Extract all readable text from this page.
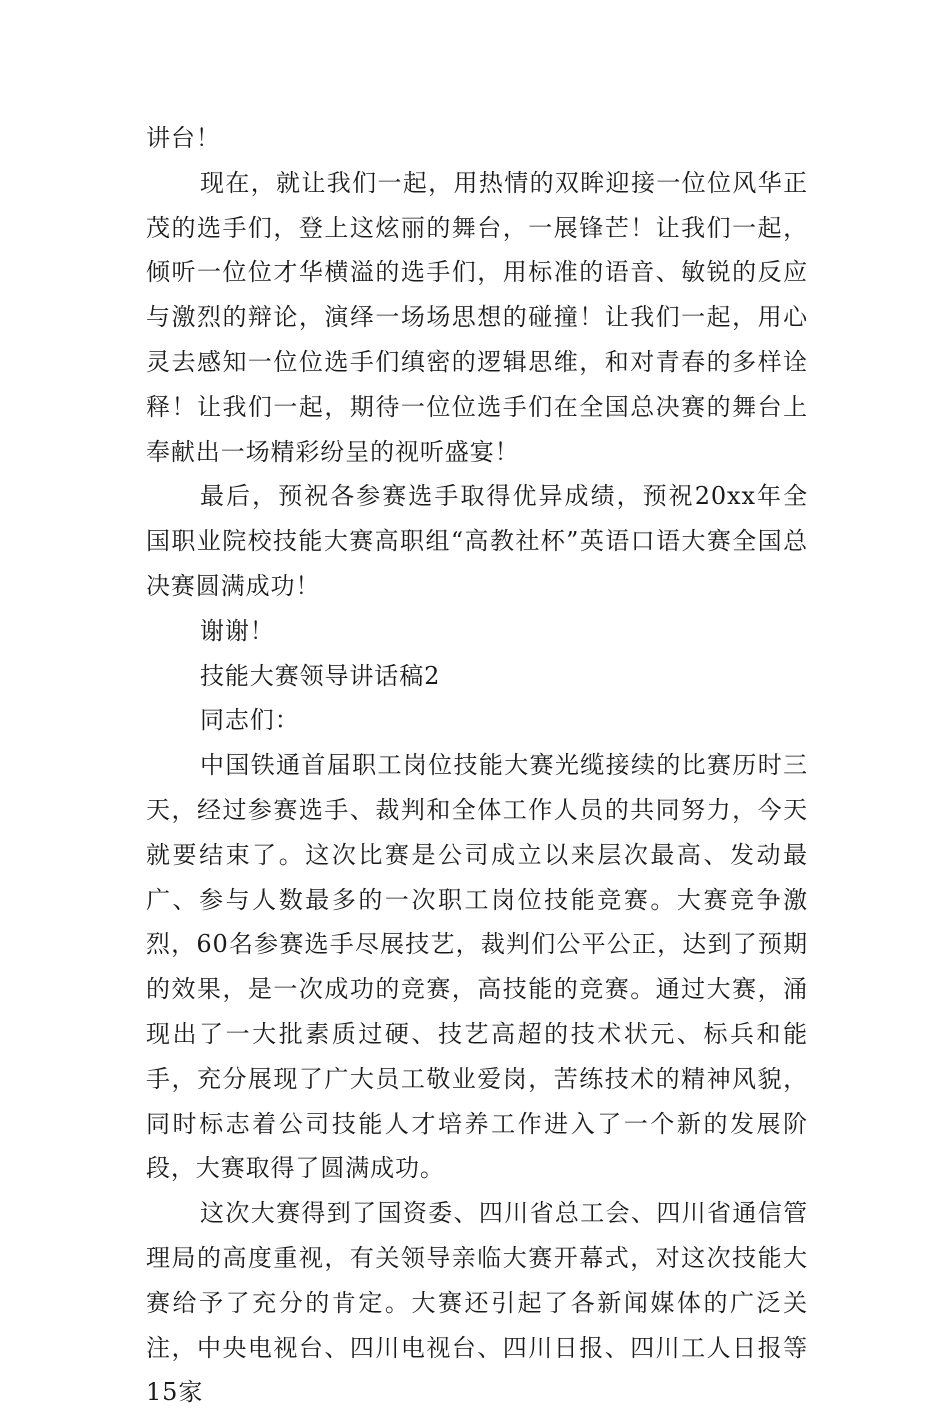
讲台！

现在，就让我们一起，用热情的双眸迎接一位位风华正茂的选手们，登上这炫丽的舞台，一展锋芒！让我们一起，倾听一位位才华横溢的选手们，用标准的语音、敏锐的反应与激烈的辩论，演绎一场场思想的碰撞！让我们一起，用心灵去感知一位位选手们缜密的逻辑思维，和对青春的多样诠释！让我们一起，期待一位位选手们在全国总决赛的舞台上奉献出一场精彩纷呈的视听盛宴！

最后，预祝各参赛选手取得优异成绩，预祝20xx年全国职业院校技能大赛高职组“高教社杯”英语口语大赛全国总决赛圆满成功！

谢谢！

技能大赛领导讲话稿2

同志们：

中国铁通首届职工岗位技能大赛光缆接续的比赛历时三天，经过参赛选手、裁判和全体工作人员的共同努力，今天就要结束了。这次比赛是公司成立以来层次最高、发动最广、参与人数最多的一次职工岗位技能竞赛。大赛竞争激烈，60名参赛选手尽展技艺，裁判们公平公正，达到了预期的效果，是一次成功的竞赛，高技能的竞赛。通过大赛，涌现出了一大批素质过硬、技艺高超的技术状元、标兵和能手，充分展现了广大员工敬业爱岗，苦练技术的精神风貌，同时标志着公司技能人才培养工作进入了一个新的发展阶段，大赛取得了圆满成功。

这次大赛得到了国资委、四川省总工会、四川省通信管理局的高度重视，有关领导亲临大赛开幕式，对这次技能大赛给予了充分的肯定。大赛还引起了各新闻媒体的广泛关注，中央电视台、四川电视台、四川日报、四川工人日报等15家
